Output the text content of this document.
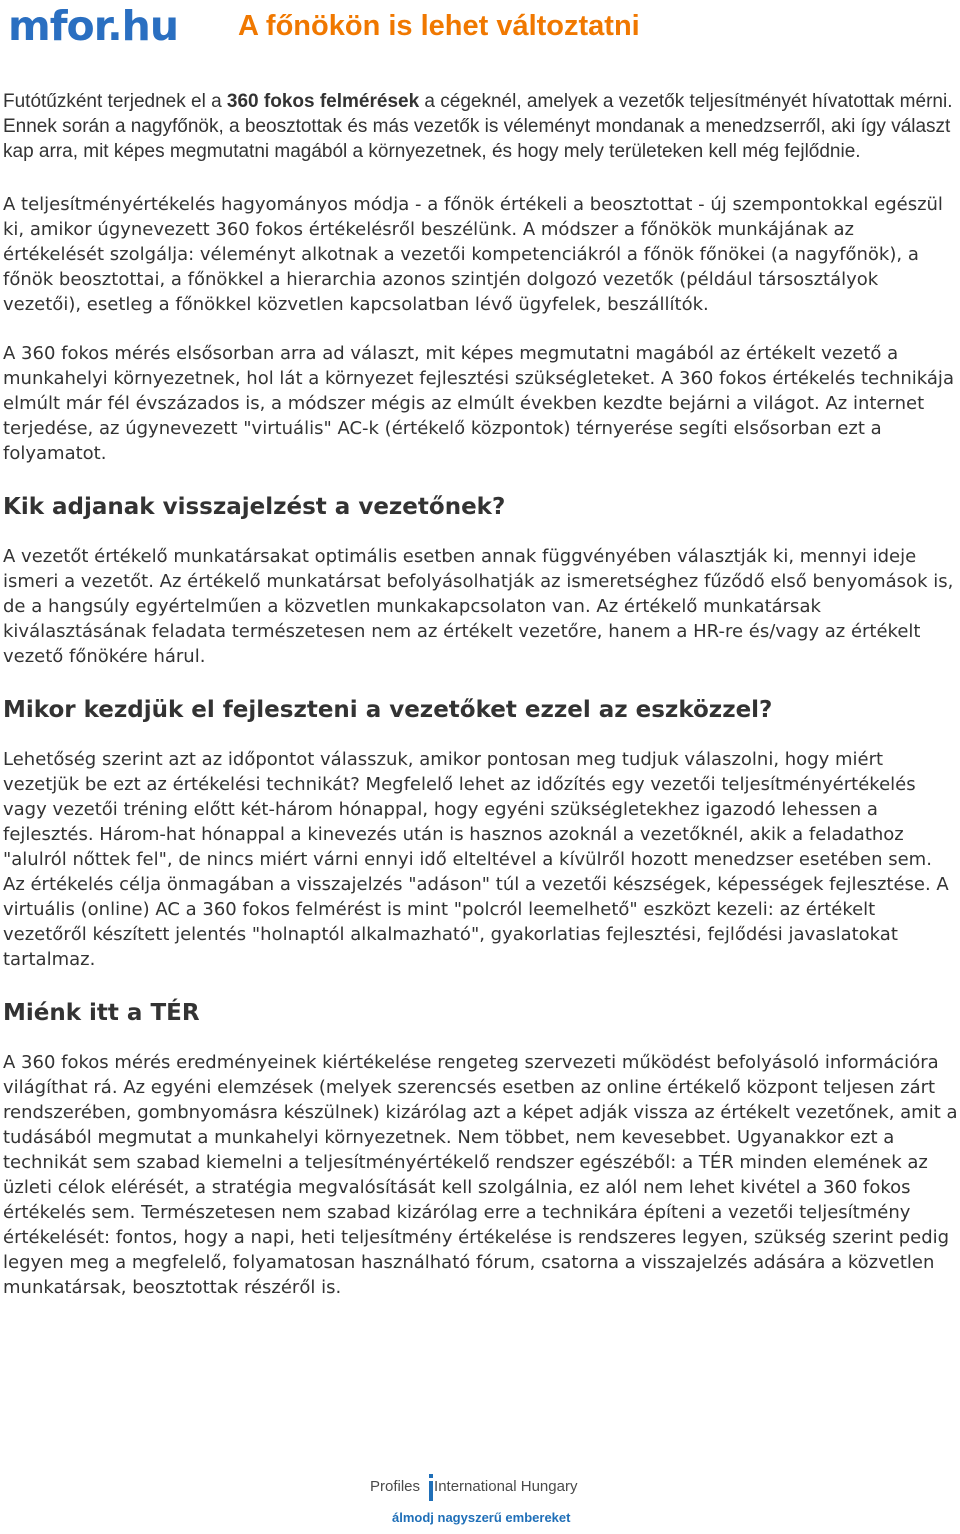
mfor.hu A főnökön is lehet változtatni

Futótűzként terjednek el a 360 fokos felmérések a cégeknél, amelyek a vezetők teljesítményét hívatottak mérni. Ennek során a nagyfőnök, a beosztottak és más vezetők is véleményt mondanak a menedzserről, aki így választ kap arra, mit képes megmutatni magából a környezetnek, és hogy mely területeken kell még fejlődnie.

A teljesítményértékelés hagyományos módja - a főnök értékeli a beosztottat - új szempontokkal egészül ki, amikor úgynevezett 360 fokos értékelésről beszélünk. A módszer a főnökök munkájának az értékelését szolgálja: véleményt alkotnak a vezetői kompetenciákról a főnök főnökei (a nagyfőnök), a főnök beosztottai, a főnökkel a hierarchia azonos szintjén dolgozó vezetők (például társosztályok vezetői), esetleg a főnökkel közvetlen kapcsolatban lévő ügyfelek, beszállítók.

A 360 fokos mérés elsősorban arra ad választ, mit képes megmutatni magából az értékelt vezető a munkahelyi környezetnek, hol lát a környezet fejlesztési szükségleteket. A 360 fokos értékelés technikája elmúlt már fél évszázados is, a módszer mégis az elmúlt években kezdte bejárni a világot. Az internet terjedése, az úgynevezett "virtuális" AC-k (értékelő központok) térnyerése segíti elsősorban ezt a folyamatot.

Kik adjanak visszajelzést a vezetőnek?

A vezetőt értékelő munkatársakat optimális esetben annak függvényében választják ki, mennyi ideje ismeri a vezetőt. Az értékelő munkatársat befolyásolhatják az ismeretséghez fűződő első benyomások is, de a hangsúly egyértelműen a közvetlen munkakapcsolaton van. Az értékelő munkatársak kiválasztásának feladata természetesen nem az értékelt vezetőre, hanem a HR-re és/vagy az értékelt vezető főnökére hárul.

Mikor kezdjük el fejleszteni a vezetőket ezzel az eszközzel?

Lehetőség szerint azt az időpontot válasszuk, amikor pontosan meg tudjuk válaszolni, hogy miért vezetjük be ezt az értékelési technikát? Megfelelő lehet az időzítés egy vezetői teljesítményértékelés vagy vezetői tréning előtt két-három hónappal, hogy egyéni szükségletekhez igazodó lehessen a fejlesztés. Három-hat hónappal a kinevezés után is hasznos azoknál a vezetőknél, akik a feladathoz "alulról nőttek fel", de nincs miért várni ennyi idő elteltével a kívülről hozott menedzser esetében sem. Az értékelés célja önmagában a visszajelzés "adáson" túl a vezetői készségek, képességek fejlesztése. A virtuális (online) AC a 360 fokos felmérést is mint "polcról leemelhető" eszközt kezeli: az értékelt vezetőről készített jelentés "holnaptól alkalmazható", gyakorlatias fejlesztési, fejlődési javaslatokat tartalmaz.

Miénk itt a TÉR

A 360 fokos mérés eredményeinek kiértékelése rengeteg szervezeti működést befolyásoló információra világíthat rá. Az egyéni elemzések (melyek szerencsés esetben az online értékelő központ teljesen zárt rendszerében, gombnyomásra készülnek) kizárólag azt a képet adják vissza az értékelt vezetőnek, amit a tudásából megmutat a munkahelyi környezetnek. Nem többet, nem kevesebbet. Ugyanakkor ezt a technikát sem szabad kiemelni a teljesítményértékelő rendszer egészéből: a TÉR minden elemének az üzleti célok elérését, a stratégia megvalósítását kell szolgálnia, ez alól nem lehet kivétel a 360 fokos értékelés sem. Természetesen nem szabad kizárólag erre a technikára építeni a vezetői teljesítmény értékelését: fontos, hogy a napi, heti teljesítmény értékelése is rendszeres legyen, szükség szerint pedig legyen meg a megfelelő, folyamatosan használható fórum, csatorna a visszajelzés adására a közvetlen munkatársak, beosztottak részéről is.

Profiles International Hungary
álmodj nagyszerű embereket
